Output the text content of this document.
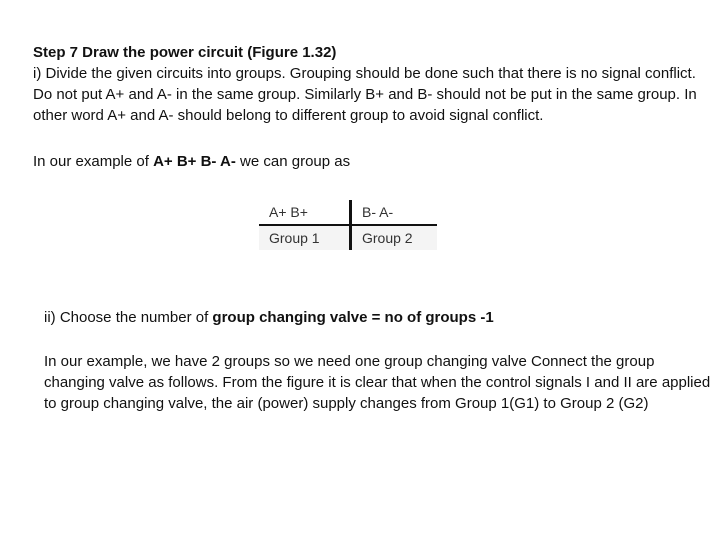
Step 7 Draw the power circuit (Figure 1.32)
i) Divide the given circuits into groups. Grouping should be done such that there is no signal conflict. Do not put A+ and A- in the same group. Similarly B+ and B- should not be put in the same group. In other word A+ and A- should belong to different group to avoid signal conflict.
In our example of A+ B+ B- A- we can group as
A+ B+	B- A-
Group 1	Group 2
ii) Choose the number of group changing valve = no of groups -1
In our example, we have 2 groups so we need one group changing valve Connect the group changing valve as follows. From the figure it is clear that when the control signals I and II are applied to group changing valve, the air (power) supply changes from Group 1(G1) to Group 2 (G2)
